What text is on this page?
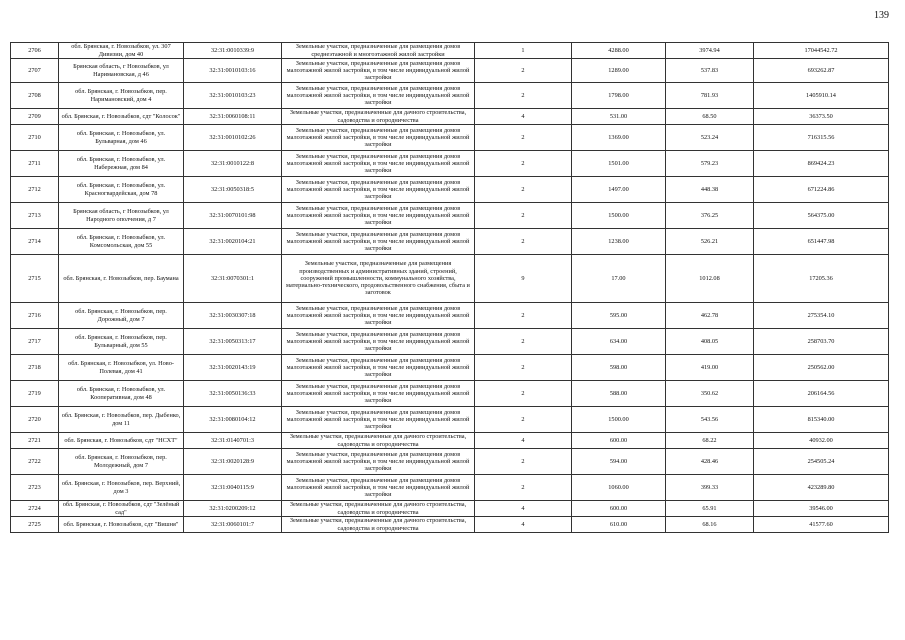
139
2706	обл. Брянская, г. Новозыбков, ул. 307 Дивизии, дом 40	32:31:0010339:9	Земельные участки, предназначенные для размещения домов среднеэтажной и многоэтажной жилой застройки	1	4288.00	3974.94	17044542.72
2707	Брянская область, г Новозыбков, ул Наримановская, д 46	32:31:0010103:16	Земельные участки, предназначенные для размещения домов малоэтажной жилой застройки, в том числе индивидуальной жилой застройки	2	1289.00	537.83	693262.87
2708	обл. Брянская, г. Новозыбков, пер. Наримановский, дом 4	32:31:0010103:23	Земельные участки, предназначенные для размещения домов малоэтажной жилой застройки, в том числе индивидуальной жилой застройки	2	1798.00	781.93	1405910.14
2709	обл. Брянская, г. Новозыбков, сдт "Колосок"	32:31:0060108:11	Земельные участки, предназначенные для дачного строительства, садоводства и огородничества	4	531.00	68.50	36373.50
2710	обл. Брянская, г. Новозыбков, ул. Бульварная, дом 46	32:31:0010102:26	Земельные участки, предназначенные для размещения домов малоэтажной жилой застройки, в том числе индивидуальной жилой застройки	2	1369.00	523.24	716315.56
2711	обл. Брянская, г. Новозыбков, ул. Набережная, дом 84	32:31:0010122:8	Земельные участки, предназначенные для размещения домов малоэтажной жилой застройки, в том числе индивидуальной жилой застройки	2	1501.00	579.23	869424.23
2712	обл. Брянская, г. Новозыбков, ул. Красногвардейская, дом 78	32:31:0050318:5	Земельные участки, предназначенные для размещения домов малоэтажной жилой застройки, в том числе индивидуальной жилой застройки	2	1497.00	448.38	671224.86
2713	Брянская область, г Новозыбков, ул Народного ополчения, д 7	32:31:0070101:98	Земельные участки, предназначенные для размещения домов малоэтажной жилой застройки, в том числе индивидуальной жилой застройки	2	1500.00	376.25	564375.00
2714	обл. Брянская, г. Новозыбков, ул. Комсомольская, дом 55	32:31:0020104:21	Земельные участки, предназначенные для размещения домов малоэтажной жилой застройки, в том числе индивидуальной жилой застройки	2	1238.00	526.21	651447.98
2715	обл. Брянская, г. Новозыбков, пер. Баумана	32:31:0070301:1	Земельные участки, предназначенные для размещения производственных и административных зданий, строений, сооружений промышленности, коммунального хозяйства, материально-технического, продовольственного снабжения, сбыта и заготовок	9	17.00	1012.08	17205.36
2716	обл. Брянская, г. Новозыбков, пер. Дорожный, дом 7	32:31:0030307:18	Земельные участки, предназначенные для размещения домов малоэтажной жилой застройки, в том числе индивидуальной жилой застройки	2	595.00	462.78	275354.10
2717	обл. Брянская, г. Новозыбков, пер. Бульварный, дом 55	32:31:0050313:17	Земельные участки, предназначенные для размещения домов малоэтажной жилой застройки, в том числе индивидуальной жилой застройки	2	634.00	408.05	258703.70
2718	обл. Брянская, г. Новозыбков, ул. Ново-Полевая, дом 41	32:31:0020143:19	Земельные участки, предназначенные для размещения домов малоэтажной жилой застройки, в том числе индивидуальной жилой застройки	2	598.00	419.00	250562.00
2719	обл. Брянская, г. Новозыбков, ул. Кооперативная, дом 48	32:31:0050136:33	Земельные участки, предназначенные для размещения домов малоэтажной жилой застройки, в том числе индивидуальной жилой застройки	2	588.00	350.62	206164.56
2720	обл. Брянская, г. Новозыбков, пер. Дыбенко, дом 11	32:31:0080104:12	Земельные участки, предназначенные для размещения домов малоэтажной жилой застройки, в том числе индивидуальной жилой застройки	2	1500.00	543.56	815340.00
2721	обл. Брянская, г. Новозыбков, сдт "НСХТ"	32:31:0140701:3	Земельные участки, предназначенные для дачного строительства, садоводства и огородничества	4	600.00	68.22	40932.00
2722	обл. Брянская, г. Новозыбков, пер. Молодежный, дом 7	32:31:0020128:9	Земельные участки, предназначенные для размещения домов малоэтажной жилой застройки, в том числе индивидуальной жилой застройки	2	594.00	428.46	254505.24
2723	обл. Брянская, г. Новозыбков, пер. Верхний, дом 3	32:31:0040115:9	Земельные участки, предназначенные для размещения домов малоэтажной жилой застройки, в том числе индивидуальной жилой застройки	2	1060.00	399.33	423289.80
2724	обл. Брянская, г. Новозыбков, сдт "Зелёный сад"	32:31:0200209:12	Земельные участки, предназначенные для дачного строительства, садоводства и огородничества	4	600.00	65.91	39546.00
2725	обл. Брянская, г. Новозыбков, сдт "Вишня"	32:31:0060101:7	Земельные участки, предназначенные для дачного строительства, садоводства и огородничества	4	610.00	68.16	41577.60
